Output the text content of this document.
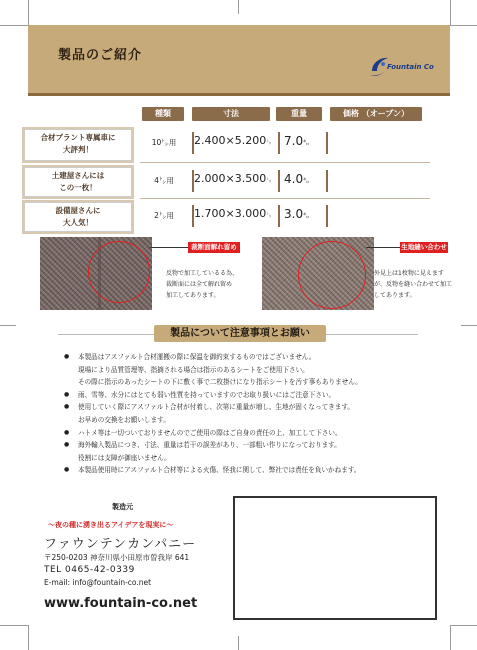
製品のご紹介
Fountain Co
種類	寸法	重量	価格 （オープン）
合材プラント専属車に
大評判！
土建屋さんには
この一枚！
設備屋さんに
大人気！
10㌧用	2.400×5.200㍉ 7.0㌔
4㌧用	2.000×3.500㍉ 4.0㌔
2㌧用	1.700×3.000㍉ 3.0㌔
裁断面解れ留め
反物で加工しているる為、
裁断面には全て解れ留め
加工してあります。
生地縫い合わせ
外見上は1枚物に見えます
が、反物を縫い合わせて加工
してあります。
製品について注意事項とお願い
● 本製品はアスファルト合材運搬の際に保温を御約束するものではございません。
現場により品質管理等、指摘される場合は指示のあるシートをご使用下さい。
その際に指示のあったシートの下に敷く事で二枚掛けになり指示シートを汚す事もありません。
● 雨、雪等、水分にはとても弱い性質を持っていますのでお取り扱いにはご注意下さい。
● 使用していく際にアスファルト合材が付着し、次第に重量が増し、生地が固くなってきます。
お早めの交換をお願いします。
● ハトメ等は一切ついておりませんのでご使用の際はご自身の責任の上、加工して下さい。
● 海外輸入製品につき、寸法、重量は若干の誤差があり、一部粗い作りになっております。
役割には支障が御座いません。
● 本製品使用時にアスファルト合材等による火傷、怪我に関して、弊社では責任を負いかねます。
製造元
〜夜の種に湧き出るアイデアを現実に〜
ファウンテンカンパニー
〒250-0203 神奈川県小田原市曽我岸 641
TEL 0465-42-0339
E-mail: info@fountain-co.net
www.fountain-co.net
